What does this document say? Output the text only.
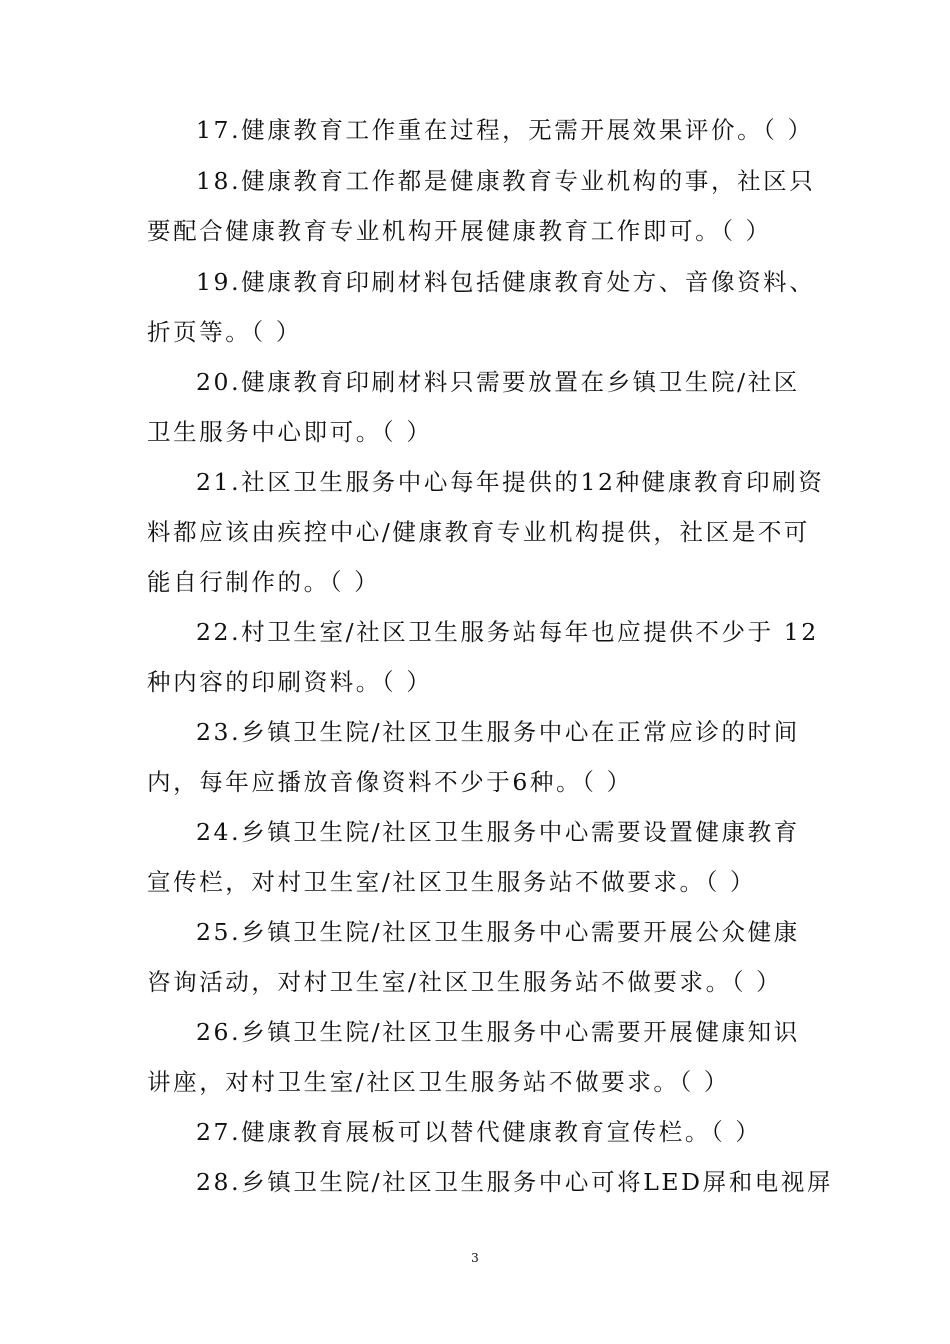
17.健康教育工作重在过程，无需开展效果评价。（ ）
18.健康教育工作都是健康教育专业机构的事，社区只
要配合健康教育专业机构开展健康教育工作即可。（ ）
19.健康教育印刷材料包括健康教育处方、音像资料、
折页等。（ ）
20.健康教育印刷材料只需要放置在乡镇卫生院/社区
卫生服务中心即可。（ ）
21.社区卫生服务中心每年提供的12种健康教育印刷资
料都应该由疾控中心/健康教育专业机构提供，社区是不可
能自行制作的。（ ）
22.村卫生室/社区卫生服务站每年也应提供不少于 12
种内容的印刷资料。（ ）
23.乡镇卫生院/社区卫生服务中心在正常应诊的时间
内，每年应播放音像资料不少于6种。（ ）
24.乡镇卫生院/社区卫生服务中心需要设置健康教育
宣传栏，对村卫生室/社区卫生服务站不做要求。（ ）
25.乡镇卫生院/社区卫生服务中心需要开展公众健康
咨询活动，对村卫生室/社区卫生服务站不做要求。（ ）
26.乡镇卫生院/社区卫生服务中心需要开展健康知识
讲座，对村卫生室/社区卫生服务站不做要求。（ ）
27.健康教育展板可以替代健康教育宣传栏。（ ）
28.乡镇卫生院/社区卫生服务中心可将LED屏和电视屏
3
